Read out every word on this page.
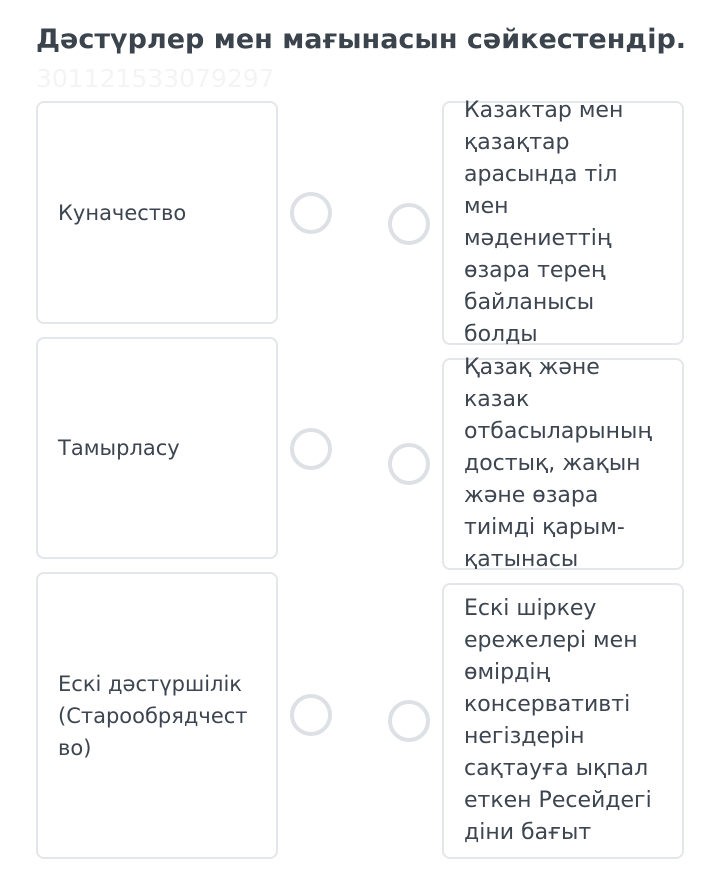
Дәстүрлер мен мағынасын сәйкестендір.
301121533079297
Куначество
Тамырласу
Ескі дәстүршілік (Старообрядчество)
Казактар мен қазақтар арасында тіл мен мәдениеттің өзара терең байланысы болды
Қазақ және казак отбасыларының достық, жақын және өзара тиімді қарым-қатынасы
Ескі шіркеу ережелері мен өмірдің консервативті негіздерін сақтауға ықпал еткен Ресейдегі діни бағыт
